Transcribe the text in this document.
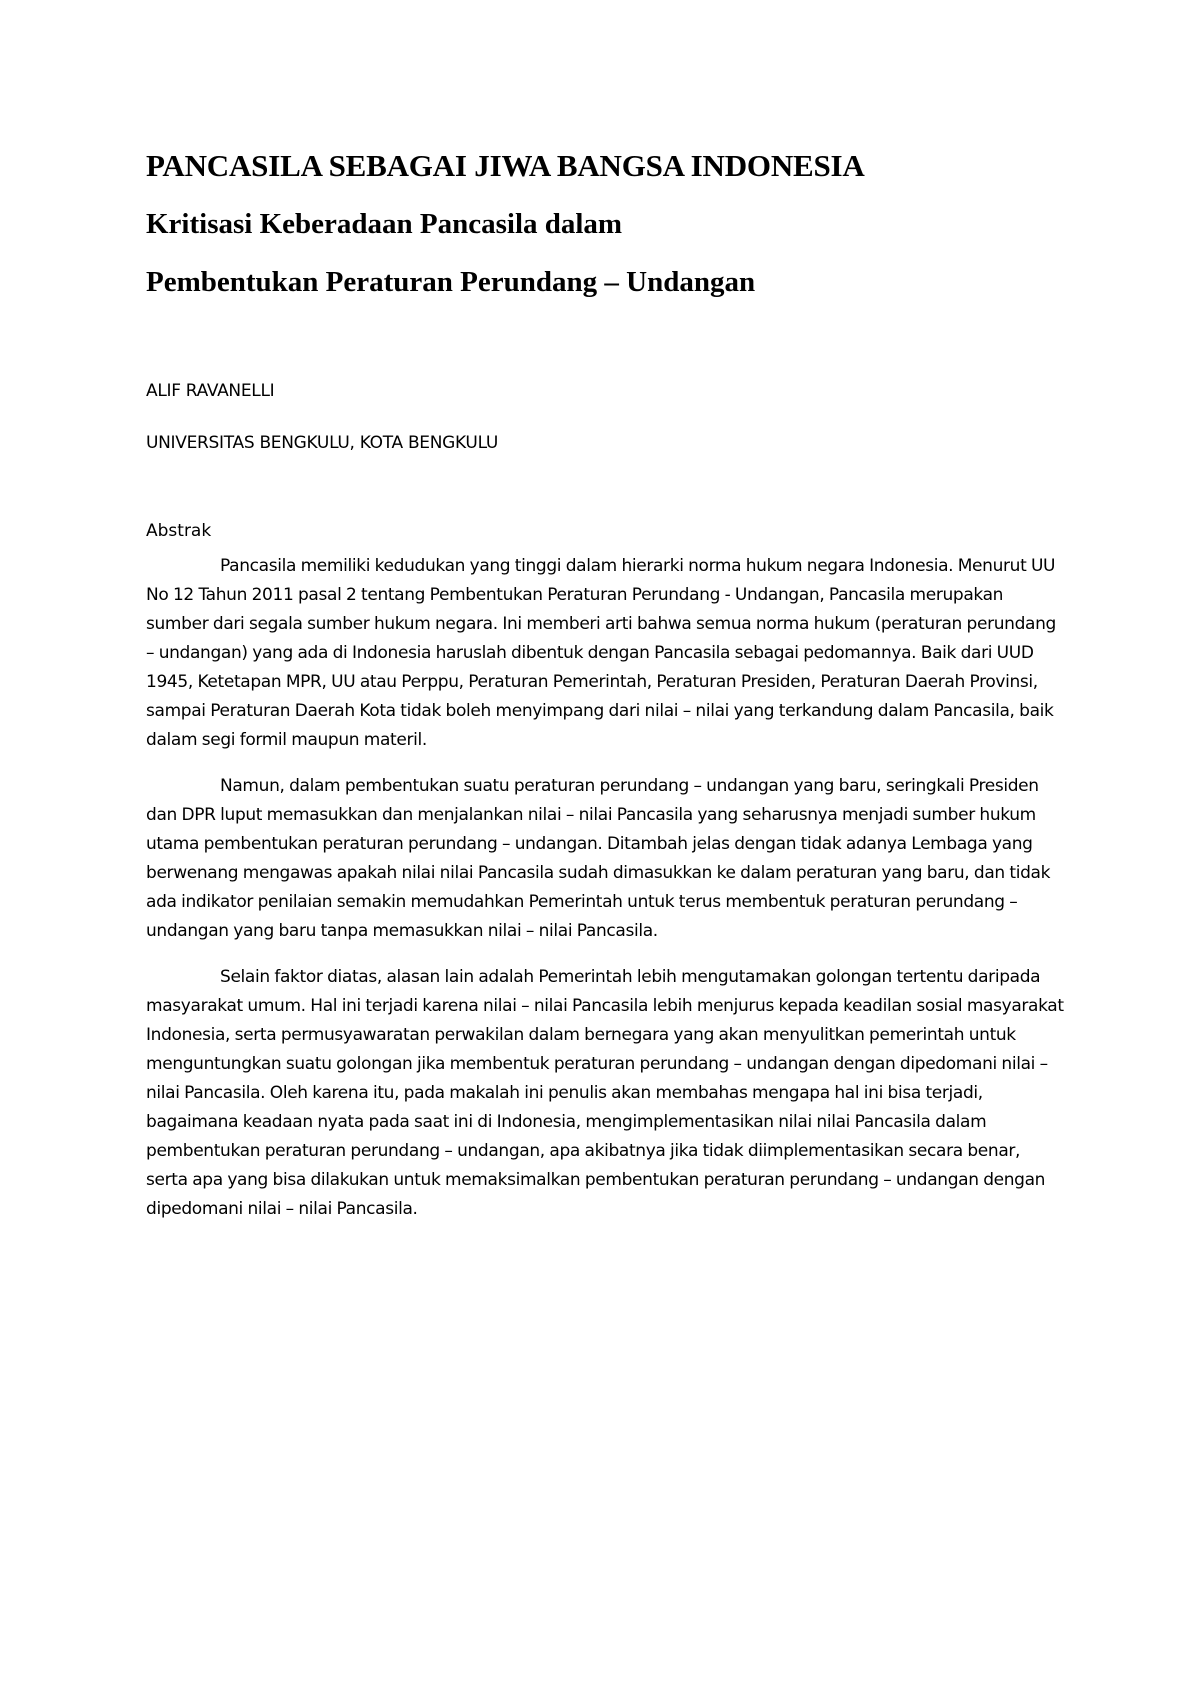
PANCASILA SEBAGAI JIWA BANGSA INDONESIA
Kritisasi Keberadaan Pancasila dalam
Pembentukan Peraturan Perundang – Undangan

ALIF RAVANELLI

UNIVERSITAS BENGKULU, KOTA BENGKULU

Abstrak

Pancasila memiliki kedudukan yang tinggi dalam hierarki norma hukum negara Indonesia. Menurut UU No 12 Tahun 2011 pasal 2 tentang Pembentukan Peraturan Perundang - Undangan, Pancasila merupakan sumber dari segala sumber hukum negara. Ini memberi arti bahwa semua norma hukum (peraturan perundang – undangan) yang ada di Indonesia haruslah dibentuk dengan Pancasila sebagai pedomannya. Baik dari UUD 1945, Ketetapan MPR, UU atau Perppu, Peraturan Pemerintah, Peraturan Presiden, Peraturan Daerah Provinsi, sampai Peraturan Daerah Kota tidak boleh menyimpang dari nilai – nilai yang terkandung dalam Pancasila, baik dalam segi formil maupun materil.

Namun, dalam pembentukan suatu peraturan perundang – undangan yang baru, seringkali Presiden dan DPR luput memasukkan dan menjalankan nilai – nilai Pancasila yang seharusnya menjadi sumber hukum utama pembentukan peraturan perundang – undangan. Ditambah jelas dengan tidak adanya Lembaga yang berwenang mengawas apakah nilai nilai Pancasila sudah dimasukkan ke dalam peraturan yang baru, dan tidak ada indikator penilaian semakin memudahkan Pemerintah untuk terus membentuk peraturan perundang – undangan yang baru tanpa memasukkan nilai – nilai Pancasila.

Selain faktor diatas, alasan lain adalah Pemerintah lebih mengutamakan golongan tertentu daripada masyarakat umum. Hal ini terjadi karena nilai – nilai Pancasila lebih menjurus kepada keadilan sosial masyarakat Indonesia, serta permusyawaratan perwakilan dalam bernegara yang akan menyulitkan pemerintah untuk menguntungkan suatu golongan jika membentuk peraturan perundang – undangan dengan dipedomani nilai – nilai Pancasila. Oleh karena itu, pada makalah ini penulis akan membahas mengapa hal ini bisa terjadi, bagaimana keadaan nyata pada saat ini di Indonesia, mengimplementasikan nilai nilai Pancasila dalam pembentukan peraturan perundang – undangan, apa akibatnya jika tidak diimplementasikan secara benar, serta apa yang bisa dilakukan untuk memaksimalkan pembentukan peraturan perundang – undangan dengan dipedomani nilai – nilai Pancasila.
